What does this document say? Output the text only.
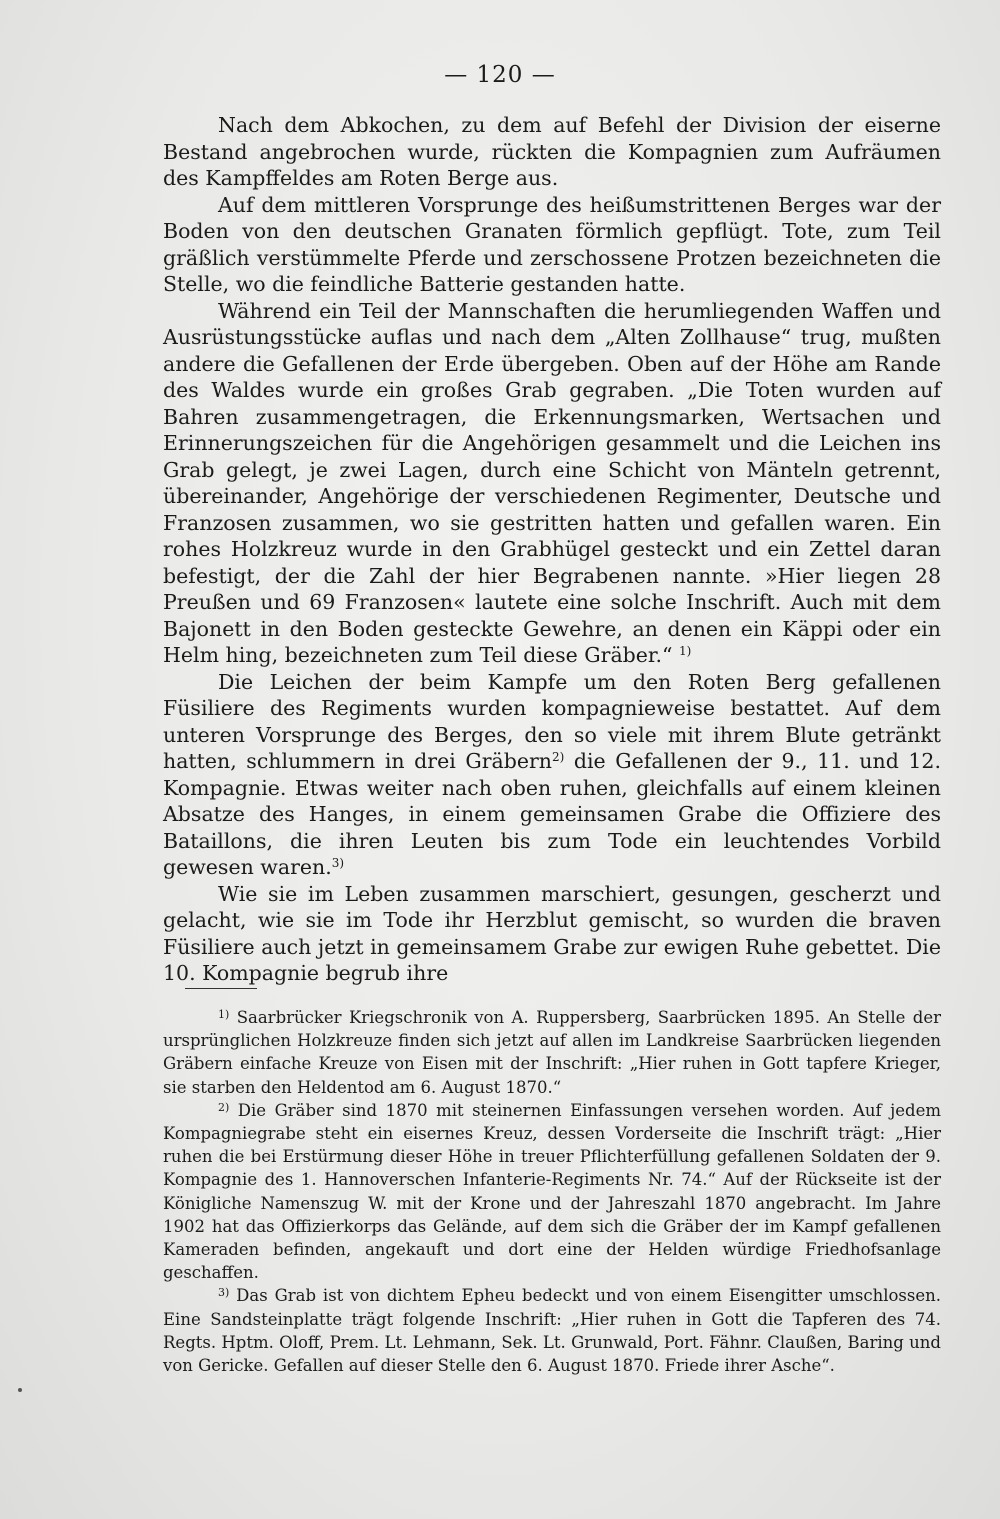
— 120 —

Nach dem Abkochen, zu dem auf Befehl der Division der eiserne Bestand angebrochen wurde, rückten die Kompagnien zum Aufräumen des Kampffeldes am Roten Berge aus.

Auf dem mittleren Vorsprunge des heißumstrittenen Berges war der Boden von den deutschen Granaten förmlich gepflügt. Tote, zum Teil gräßlich verstümmelte Pferde und zerschossene Protzen bezeichneten die Stelle, wo die feindliche Batterie gestanden hatte.

Während ein Teil der Mannschaften die herumliegenden Waffen und Ausrüstungsstücke auflas und nach dem „Alten Zollhause“ trug, mußten andere die Gefallenen der Erde übergeben. Oben auf der Höhe am Rande des Waldes wurde ein großes Grab gegraben. „Die Toten wurden auf Bahren zusammengetragen, die Erkennungsmarken, Wertsachen und Erinnerungszeichen für die Angehörigen gesammelt und die Leichen ins Grab gelegt, je zwei Lagen, durch eine Schicht von Mänteln getrennt, übereinander, Angehörige der verschiedenen Regimenter, Deutsche und Franzosen zusammen, wo sie gestritten hatten und gefallen waren. Ein rohes Holzkreuz wurde in den Grabhügel gesteckt und ein Zettel daran befestigt, der die Zahl der hier Begrabenen nannte. »Hier liegen 28 Preußen und 69 Franzosen« lautete eine solche Inschrift. Auch mit dem Bajonett in den Boden gesteckte Gewehre, an denen ein Käppi oder ein Helm hing, bezeichneten zum Teil diese Gräber.“ $^{1)}$

Die Leichen der beim Kampfe um den Roten Berg gefallenen Füsiliere des Regiments wurden kompagnieweise bestattet. Auf dem unteren Vorsprunge des Berges, den so viele mit ihrem Blute getränkt hatten, schlummern in drei Gräbern$^{2)}$ die Gefallenen der 9., 11. und 12. Kompagnie. Etwas weiter nach oben ruhen, gleichfalls auf einem kleinen Absatze des Hanges, in einem gemeinsamen Grabe die Offiziere des Bataillons, die ihren Leuten bis zum Tode ein leuchtendes Vorbild gewesen waren.$^{3)}$

Wie sie im Leben zusammen marschiert, gesungen, gescherzt und gelacht, wie sie im Tode ihr Herzblut gemischt, so wurden die braven Füsiliere auch jetzt in gemeinsamem Grabe zur ewigen Ruhe gebettet. Die 10. Kompagnie begrub ihre

$^{1)}$ Saarbrücker Kriegschronik von A. Ruppersberg, Saarbrücken 1895. An Stelle der ursprünglichen Holzkreuze finden sich jetzt auf allen im Landkreise Saarbrücken liegenden Gräbern einfache Kreuze von Eisen mit der Inschrift: „Hier ruhen in Gott tapfere Krieger, sie starben den Heldentod am 6. August 1870.“

$^{2)}$ Die Gräber sind 1870 mit steinernen Einfassungen versehen worden. Auf jedem Kompagniegrabe steht ein eisernes Kreuz, dessen Vorderseite die Inschrift trägt: „Hier ruhen die bei Erstürmung dieser Höhe in treuer Pflichterfüllung gefallenen Soldaten der 9. Kompagnie des 1. Hannoverschen Infanterie-Regiments Nr. 74.“ Auf der Rückseite ist der Königliche Namenszug W. mit der Krone und der Jahreszahl 1870 angebracht. Im Jahre 1902 hat das Offizierkorps das Gelände, auf dem sich die Gräber der im Kampf gefallenen Kameraden befinden, angekauft und dort eine der Helden würdige Friedhofsanlage geschaffen.

$^{3)}$ Das Grab ist von dichtem Epheu bedeckt und von einem Eisengitter umschlossen. Eine Sandsteinplatte trägt folgende Inschrift: „Hier ruhen in Gott die Tapferen des 74. Regts. Hptm. Oloff, Prem. Lt. Lehmann, Sek. Lt. Grunwald, Port. Fähnr. Claußen, Baring und von Gericke. Gefallen auf dieser Stelle den 6. August 1870. Friede ihrer Asche“.
